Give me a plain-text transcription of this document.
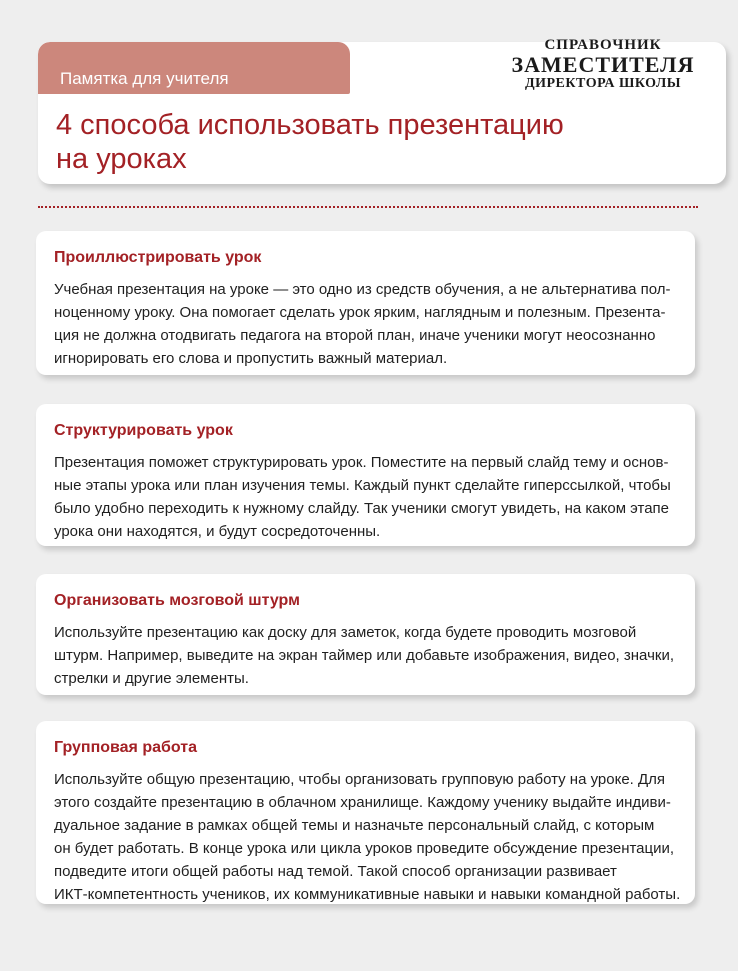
Памятка для учителя
4 способа использовать презентацию
на уроках
СПРАВОЧНИК
ЗАМЕСТИТЕЛЯ
ДИРЕКТОРА ШКОЛЫ
Проиллюстрировать урок

Учебная презентация на уроке — это одно из средств обучения, а не альтернатива пол-
ноценному уроку. Она помогает сделать урок ярким, наглядным и полезным. Презента-
ция не должна отодвигать педагога на второй план, иначе ученики могут неосознанно
игнорировать его слова и пропустить важный материал.

Структурировать урок

Презентация поможет структурировать урок. Поместите на первый слайд тему и основ-
ные этапы урока или план изучения темы. Каждый пункт сделайте гиперссылкой, чтобы
было удобно переходить к нужному слайду. Так ученики смогут увидеть, на каком этапе
урока они находятся, и будут сосредоточенны.

Организовать мозговой штурм

Используйте презентацию как доску для заметок, когда будете проводить мозговой
штурм. Например, выведите на экран таймер или добавьте изображения, видео, значки,
стрелки и другие элементы.

Групповая работа

Используйте общую презентацию, чтобы организовать групповую работу на уроке. Для
этого создайте презентацию в облачном хранилище. Каждому ученику выдайте индиви-
дуальное задание в рамках общей темы и назначьте персональный слайд, с которым
он будет работать. В конце урока или цикла уроков проведите обсуждение презентации,
подведите итоги общей работы над темой. Такой способ организации развивает
ИКТ-компетентность учеников, их коммуникативные навыки и навыки командной работы.
